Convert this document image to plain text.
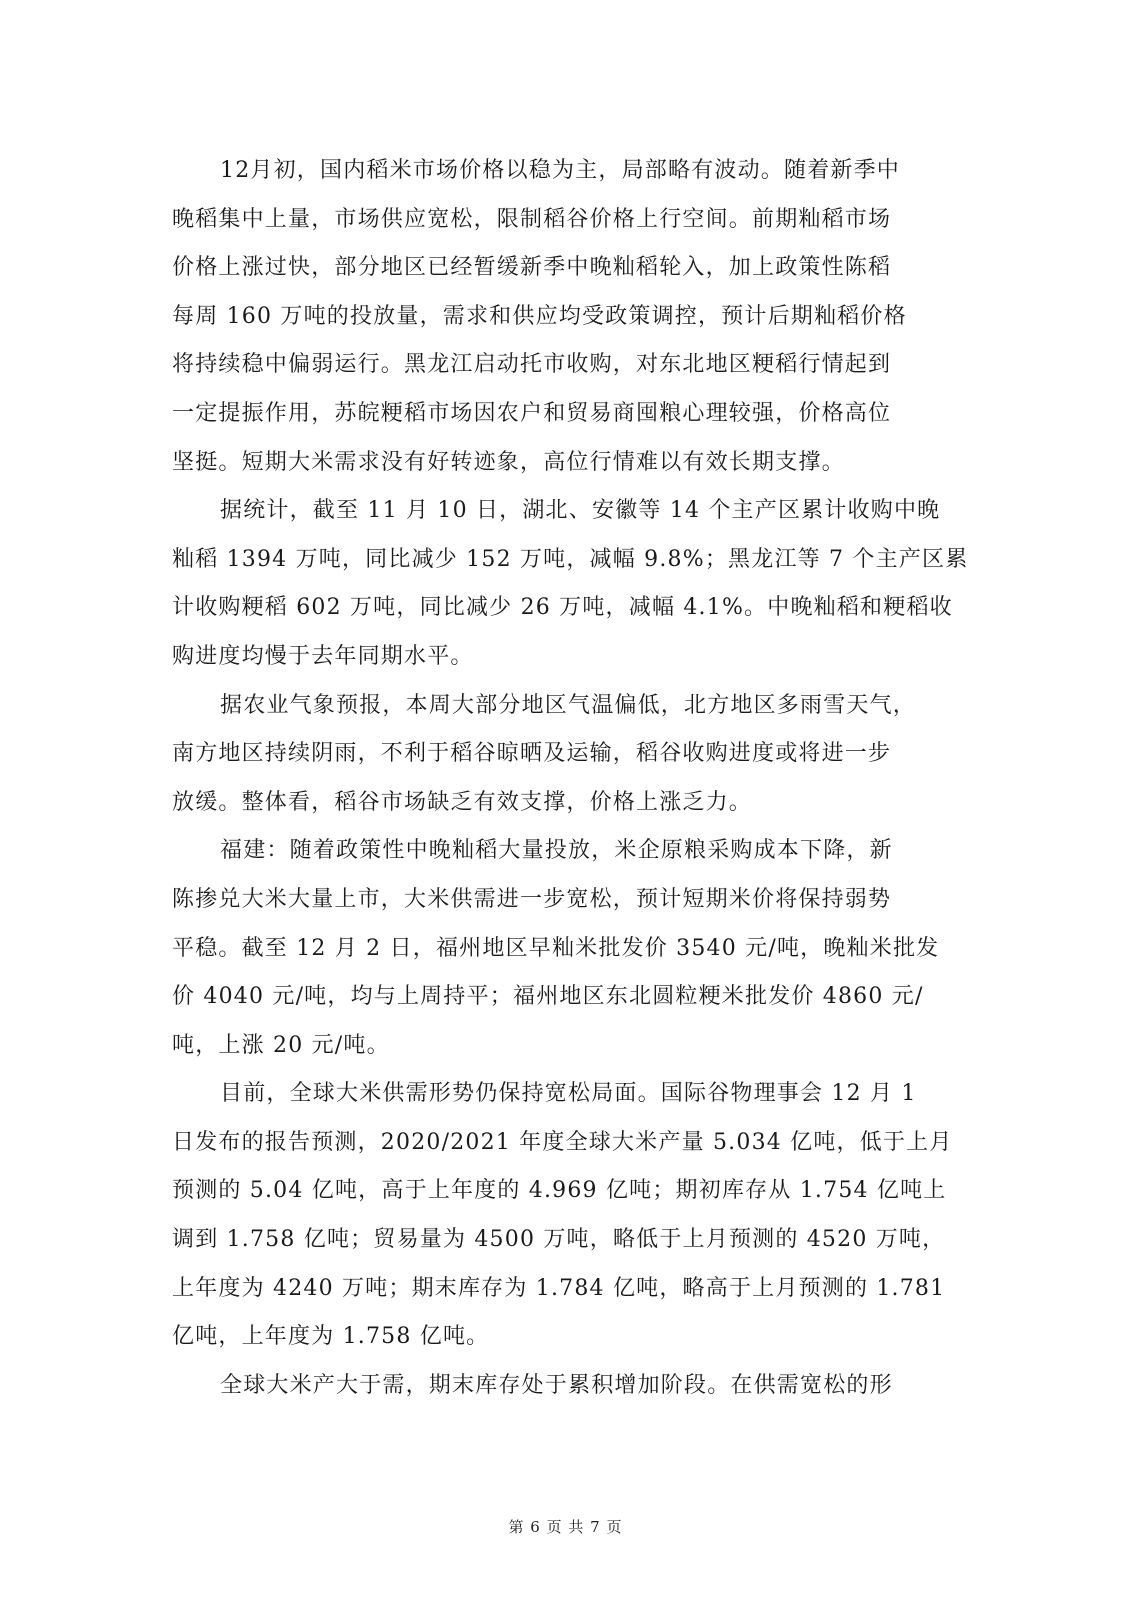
12月初，国内稻米市场价格以稳为主，局部略有波动。随着新季中
晚稻集中上量，市场供应宽松，限制稻谷价格上行空间。前期籼稻市场
价格上涨过快，部分地区已经暂缓新季中晚籼稻轮入，加上政策性陈稻
每周 160 万吨的投放量，需求和供应均受政策调控，预计后期籼稻价格
将持续稳中偏弱运行。黑龙江启动托市收购，对东北地区粳稻行情起到
一定提振作用，苏皖粳稻市场因农户和贸易商囤粮心理较强，价格高位
坚挺。短期大米需求没有好转迹象，高位行情难以有效长期支撑。
据统计，截至 11 月 10 日，湖北、安徽等 14 个主产区累计收购中晚
籼稻 1394 万吨，同比减少 152 万吨，减幅 9.8%；黑龙江等 7 个主产区累
计收购粳稻 602 万吨，同比减少 26 万吨，减幅 4.1%。中晚籼稻和粳稻收
购进度均慢于去年同期水平。
据农业气象预报，本周大部分地区气温偏低，北方地区多雨雪天气，
南方地区持续阴雨，不利于稻谷晾晒及运输，稻谷收购进度或将进一步
放缓。整体看，稻谷市场缺乏有效支撑，价格上涨乏力。
福建：随着政策性中晚籼稻大量投放，米企原粮采购成本下降，新
陈掺兑大米大量上市，大米供需进一步宽松，预计短期米价将保持弱势
平稳。截至 12 月 2 日，福州地区早籼米批发价 3540 元/吨，晚籼米批发
价 4040 元/吨，均与上周持平；福州地区东北圆粒粳米批发价 4860 元/
吨，上涨 20 元/吨。
目前，全球大米供需形势仍保持宽松局面。国际谷物理事会 12 月 1
日发布的报告预测，2020/2021 年度全球大米产量 5.034 亿吨，低于上月
预测的 5.04 亿吨，高于上年度的 4.969 亿吨；期初库存从 1.754 亿吨上
调到 1.758 亿吨；贸易量为 4500 万吨，略低于上月预测的 4520 万吨，
上年度为 4240 万吨；期末库存为 1.784 亿吨，略高于上月预测的 1.781
亿吨，上年度为 1.758 亿吨。
全球大米产大于需，期末库存处于累积增加阶段。在供需宽松的形
第 6 页 共 7 页
